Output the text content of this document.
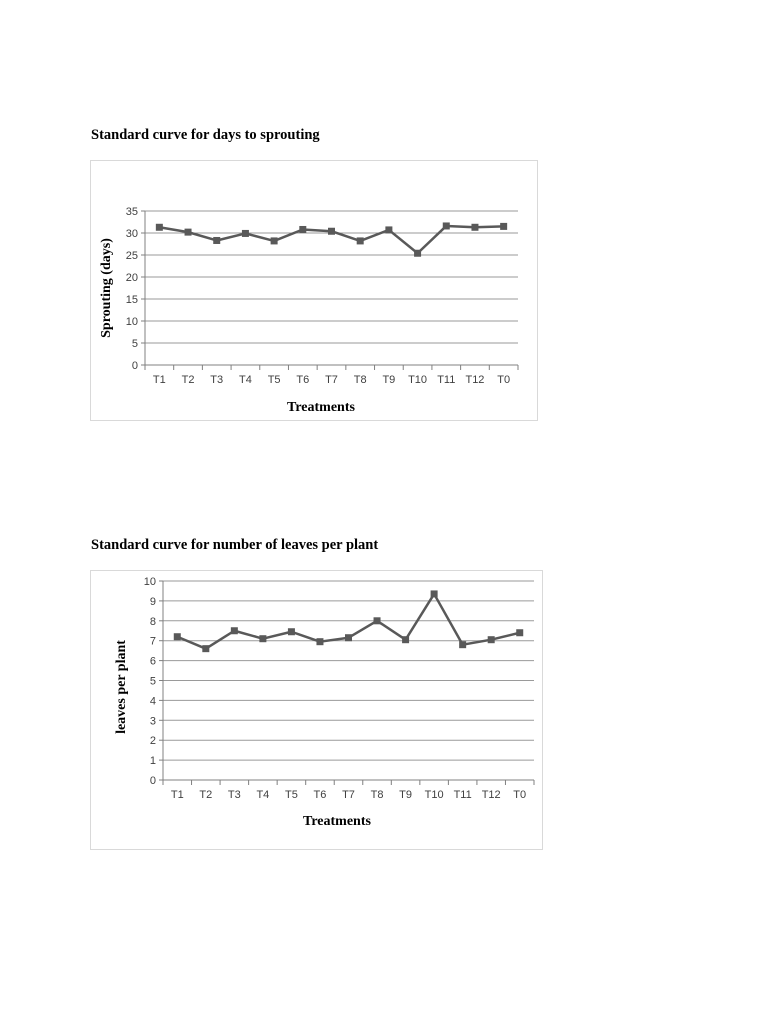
Standard curve for days to sprouting
0
5
10
15
20
25
30
35
T1 T2 T3 T4 T5 T6 T7 T8 T9 T10 T11 T12 T0
Treatments
Sprouting (days)
Standard curve for number of leaves per plant
0
1
2
3
4
5
6
7
8
9
10
T1 T2 T3 T4 T5 T6 T7 T8 T9 T10 T11 T12 T0
Treatments
leaves per plant
